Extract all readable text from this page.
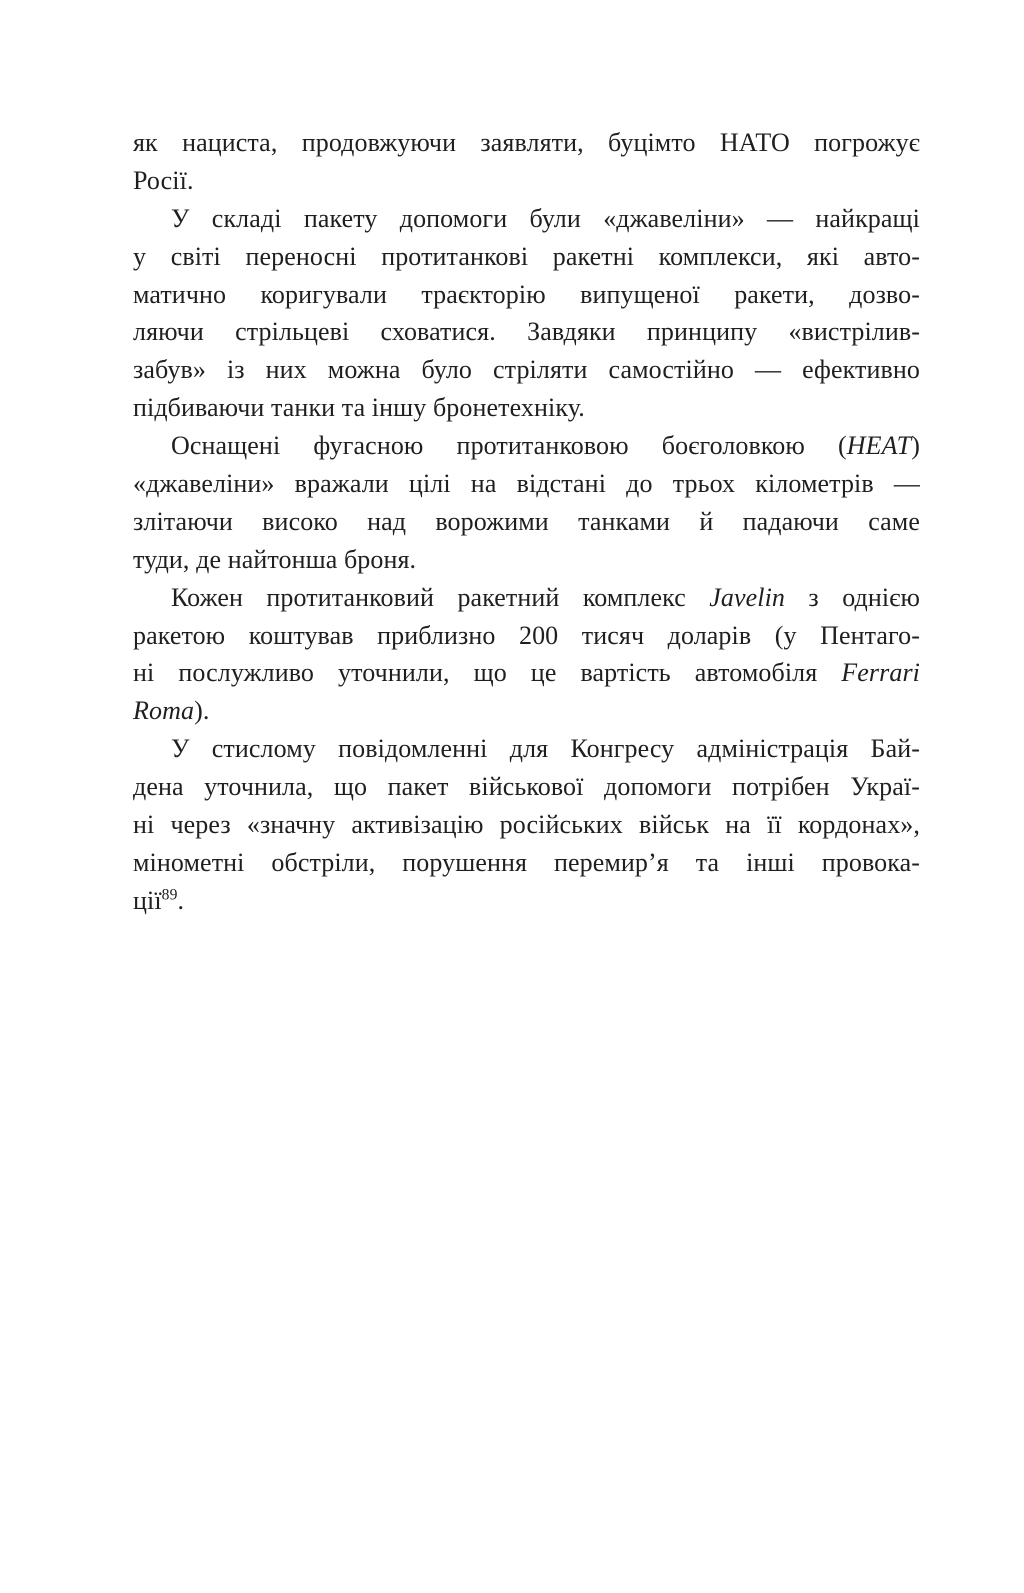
як нациста, продовжуючи заявляти, буцімто НАТО погрожує
Росії.
У складі пакету допомоги були «джавеліни» — найкращі
у світі переносні протитанкові ракетні комплекси, які авто-
матично коригували траєкторію випущеної ракети, дозво-
ляючи стрільцеві сховатися. Завдяки принципу «вистрілив-
забув» із них можна було стріляти самостійно — ефективно
підбиваючи танки та іншу бронетехніку.
Оснащені фугасною протитанковою боєголовкою (HEAT)
«джавеліни» вражали цілі на відстані до трьох кілометрів —
злітаючи високо над ворожими танками й падаючи саме
туди, де найтонша броня.
Кожен протитанковий ракетний комплекс Javelin з однією
ракетою коштував приблизно 200 тисяч доларів (у Пентаго-
ні послужливо уточнили, що це вартість автомобіля Ferrari
Roma).
У стислому повідомленні для Конгресу адміністрація Бай-
дена уточнила, що пакет військової допомоги потрібен Украї-
ні через «значну активізацію російських військ на її кордонах»,
мінометні обстріли, порушення перемир’я та інші провока-
ції$^{89}$.
